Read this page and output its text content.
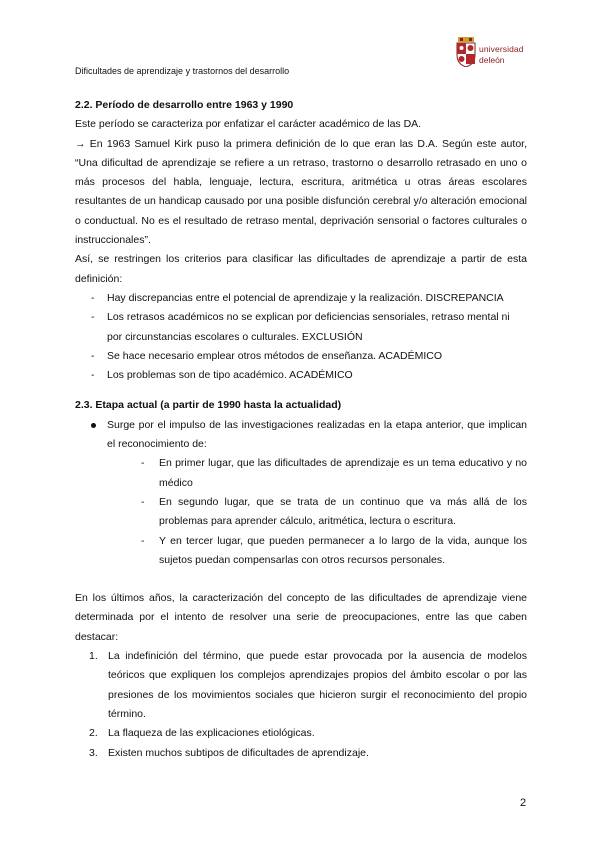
Dificultades de aprendizaje y trastornos del desarrollo
universidad
deleón
2.2. Período de desarrollo entre 1963 y 1990

Este período se caracteriza por enfatizar el carácter académico de las DA.

→ En 1963 Samuel Kirk puso la primera definición de lo que eran las D.A. Según este autor, “Una dificultad de aprendizaje se refiere a un retraso, trastorno o desarrollo retrasado en uno o más procesos del habla, lenguaje, lectura, escritura, aritmética u otras áreas escolares resultantes de un handicap causado por una posible disfunción cerebral y/o alteración emocional o conductual. No es el resultado de retraso mental, deprivación sensorial o factores culturales o instruccionales”.

Así, se restringen los criterios para clasificar las dificultades de aprendizaje a partir de esta definición:

- Hay discrepancias entre el potencial de aprendizaje y la realización. DISCREPANCIA
- Los retrasos académicos no se explican por deficiencias sensoriales, retraso mental ni por circunstancias escolares o culturales. EXCLUSIÓN
- Se hace necesario emplear otros métodos de enseñanza. ACADÉMICO
- Los problemas son de tipo académico. ACADÉMICO
2.3. Etapa actual (a partir de 1990 hasta la actualidad)
Surge por el impulso de las investigaciones realizadas en la etapa anterior, que implican el reconocimiento de:
- En primer lugar, que las dificultades de aprendizaje es un tema educativo y no médico
- En segundo lugar, que se trata de un continuo que va más allá de los problemas para aprender cálculo, aritmética, lectura o escritura.
- Y en tercer lugar, que pueden permanecer a lo largo de la vida, aunque los sujetos puedan compensarlas con otros recursos personales.

En los últimos años, la caracterización del concepto de las dificultades de aprendizaje viene determinada por el intento de resolver una serie de preocupaciones, entre las que caben destacar:

1. La indefinición del término, que puede estar provocada por la ausencia de modelos teóricos que expliquen los complejos aprendizajes propios del ámbito escolar o por las presiones de los movimientos sociales que hicieron surgir el reconocimiento del propio término.
2. La flaqueza de las explicaciones etiológicas.
3. Existen muchos subtipos de dificultades de aprendizaje.
2
